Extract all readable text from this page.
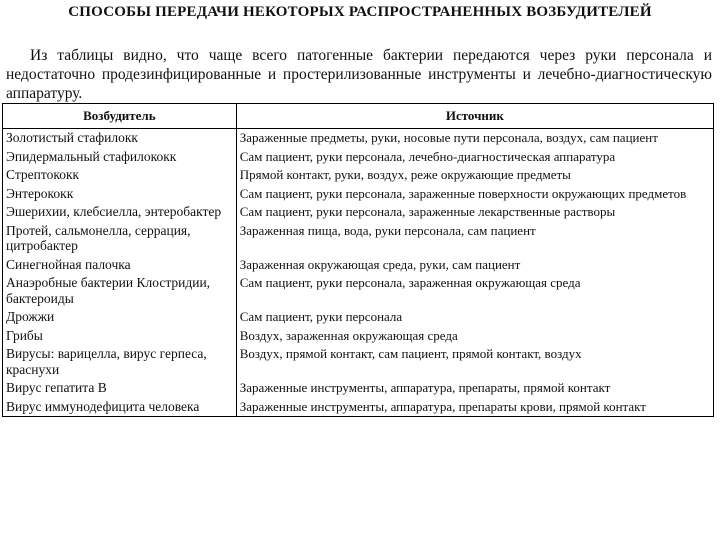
СПОСОБЫ ПЕРЕДАЧИ НЕКОТОРЫХ РАСПРОСТРАНЕННЫХ ВОЗБУДИТЕЛЕЙ
Из таблицы видно, что чаще всего патогенные бактерии передаются через руки персонала и недостаточно продезинфицированные и простерилизованные инструменты и лечебно-диагностическую аппаратуру.
Возбудитель	Источник
Золотистый стафилокк	Зараженные предметы, руки, носовые пути персонала, воздух, сам пациент
Эпидермальный стафилококк	Сам пациент, руки персонала, лечебно-диагностическая аппаратура
Стрептококк	Прямой контакт, руки, воздух, реже окружающие предметы
Энтерококк	Сам пациент, руки персонала, зараженные поверхности окружающих предметов
Эшерихии, клебсиелла, энтеробактер	Сам пациент, руки персонала, зараженные лекарственные растворы
Протей, сальмонелла, серрация, цитробактер	Зараженная пища, вода, руки персонала, сам пациент
Синегнойная палочка	Зараженная окружающая среда, руки, сам пациент
Анаэробные бактерии Клостридии, бактероиды	Сам пациент, руки персонала, зараженная окружающая среда
Дрожжи	Сам пациент, руки персонала
Грибы	Воздух, зараженная окружающая среда
Вирусы: варицелла, вирус герпеса, краснухи	Воздух, прямой контакт, сам пациент, прямой контакт, воздух
Вирус гепатита В	Зараженные инструменты, аппаратура, препараты, прямой контакт
Вирус иммунодефицита человека	Зараженные инструменты, аппаратура, препараты крови, прямой контакт
